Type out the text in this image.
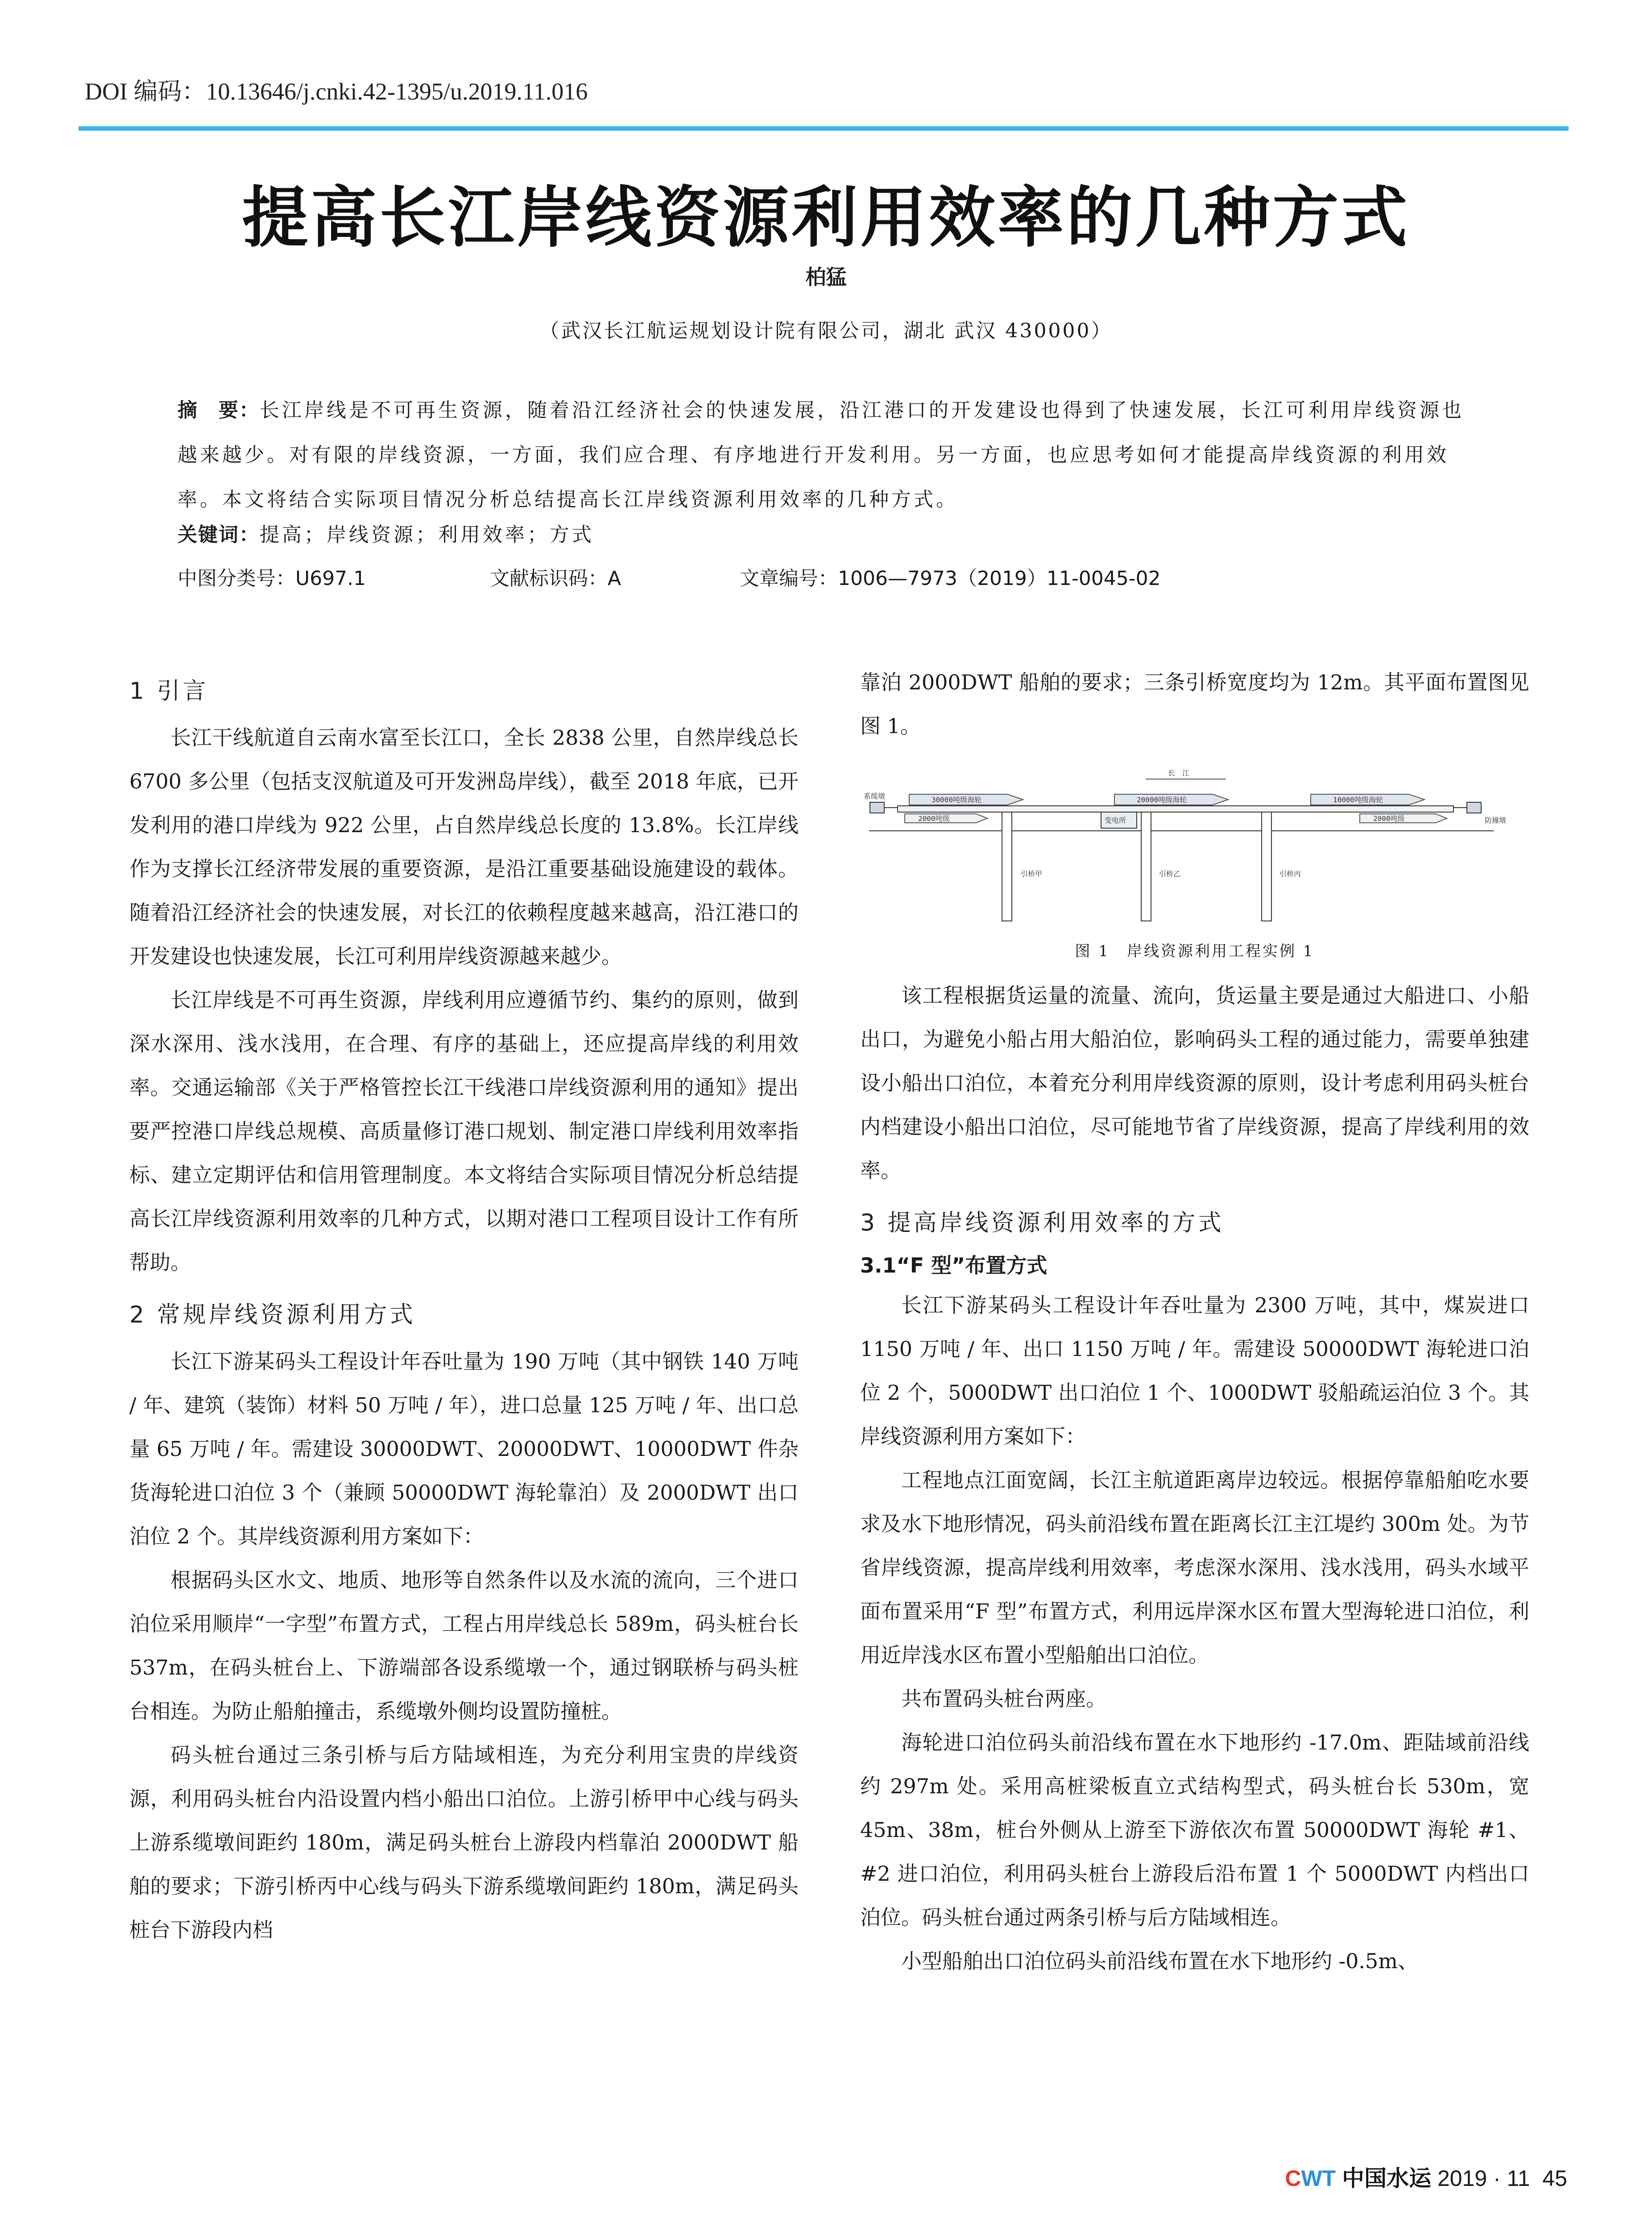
DOI 编码：10.13646/j.cnki.42-1395/u.2019.11.016
提高长江岸线资源利用效率的几种方式
柏猛
（武汉长江航运规划设计院有限公司，湖北 武汉 430000）
摘　要：长江岸线是不可再生资源，随着沿江经济社会的快速发展，沿江港口的开发建设也得到了快速发展，长江可利用岸线资源也越来越少。对有限的岸线资源，一方面，我们应合理、有序地进行开发利用。另一方面，也应思考如何才能提高岸线资源的利用效率。本文将结合实际项目情况分析总结提高长江岸线资源利用效率的几种方式。
关键词：提高；岸线资源；利用效率；方式
中图分类号：U697.1	文献标识码：A	文章编号：1006—7973（2019）11-0045-02
1 引言

长江干线航道自云南水富至长江口，全长 2838 公里，自然岸线总长 6700 多公里（包括支汊航道及可开发洲岛岸线），截至 2018 年底，已开发利用的港口岸线为 922 公里，占自然岸线总长度的 13.8%。长江岸线作为支撑长江经济带发展的重要资源，是沿江重要基础设施建设的载体。随着沿江经济社会的快速发展，对长江的依赖程度越来越高，沿江港口的开发建设也快速发展，长江可利用岸线资源越来越少。

长江岸线是不可再生资源，岸线利用应遵循节约、集约的原则，做到深水深用、浅水浅用，在合理、有序的基础上，还应提高岸线的利用效率。交通运输部《关于严格管控长江干线港口岸线资源利用的通知》提出要严控港口岸线总规模、高质量修订港口规划、制定港口岸线利用效率指标、建立定期评估和信用管理制度。本文将结合实际项目情况分析总结提高长江岸线资源利用效率的几种方式，以期对港口工程项目设计工作有所帮助。

2 常规岸线资源利用方式

长江下游某码头工程设计年吞吐量为 190 万吨（其中钢铁 140 万吨 / 年、建筑（装饰）材料 50 万吨 / 年），进口总量 125 万吨 / 年、出口总量 65 万吨 / 年。需建设 30000DWT、20000DWT、10000DWT 件杂货海轮进口泊位 3 个（兼顾 50000DWT 海轮靠泊）及 2000DWT 出口泊位 2 个。其岸线资源利用方案如下：

根据码头区水文、地质、地形等自然条件以及水流的流向，三个进口泊位采用顺岸“一字型”布置方式，工程占用岸线总长 589m，码头桩台长 537m，在码头桩台上、下游端部各设系缆墩一个，通过钢联桥与码头桩台相连。为防止船舶撞击，系缆墩外侧均设置防撞桩。

码头桩台通过三条引桥与后方陆域相连，为充分利用宝贵的岸线资源，利用码头桩台内沿设置内档小船出口泊位。上游引桥甲中心线与码头上游系缆墩间距约 180m，满足码头桩台上游段内档靠泊 2000DWT 船舶的要求；下游引桥丙中心线与码头下游系缆墩间距约 180m，满足码头桩台下游段内档

靠泊 2000DWT 船舶的要求；三条引桥宽度均为 12m。其平面布置图见图 1。

长　江
30000吨级海轮	20000吨级海轮	10000吨级海轮
系缆墩
防撞墩
2000吨级	2000吨级
引桥甲	引桥乙	引桥丙
变电所
图 1　岸线资源利用工程实例 1

该工程根据货运量的流量、流向，货运量主要是通过大船进口、小船出口，为避免小船占用大船泊位，影响码头工程的通过能力，需要单独建设小船出口泊位，本着充分利用岸线资源的原则，设计考虑利用码头桩台内档建设小船出口泊位，尽可能地节省了岸线资源，提高了岸线利用的效率。

3 提高岸线资源利用效率的方式
3.1“F 型”布置方式

长江下游某码头工程设计年吞吐量为 2300 万吨，其中，煤炭进口 1150 万吨 / 年、出口 1150 万吨 / 年。需建设 50000DWT 海轮进口泊位 2 个，5000DWT 出口泊位 1 个、1000DWT 驳船疏运泊位 3 个。其岸线资源利用方案如下：

工程地点江面宽阔，长江主航道距离岸边较远。根据停靠船舶吃水要求及水下地形情况，码头前沿线布置在距离长江主江堤约 300m 处。为节省岸线资源，提高岸线利用效率，考虑深水深用、浅水浅用，码头水域平面布置采用“F 型”布置方式，利用远岸深水区布置大型海轮进口泊位，利用近岸浅水区布置小型船舶出口泊位。

共布置码头桩台两座。

海轮进口泊位码头前沿线布置在水下地形约 -17.0m、距陆域前沿线约 297m 处。采用高桩梁板直立式结构型式，码头桩台长 530m，宽 45m、38m，桩台外侧从上游至下游依次布置 50000DWT 海轮 #1、#2 进口泊位，利用码头桩台上游段后沿布置 1 个 5000DWT 内档出口泊位。码头桩台通过两条引桥与后方陆域相连。

小型船舶出口泊位码头前沿线布置在水下地形约 -0.5m、

CWT 中国水运 2019 · 11 45
